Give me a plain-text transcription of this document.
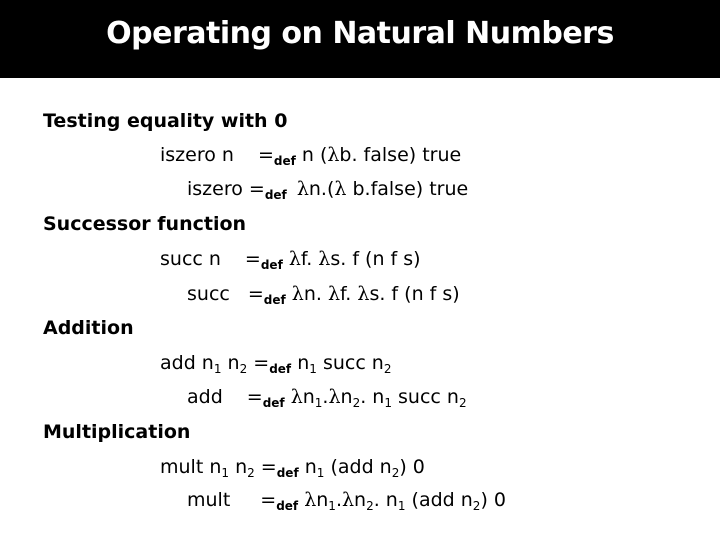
Operating on Natural Numbers
Testing equality with 0
iszero $n =_{def}$ n (λb. false) true
iszero $=_{def}$ λn.(λ b.false) true
Successor function
succ $n =_{def}$ λf. λs. f (n f s)
succ $=_{def}$ λn. λf. λs. f (n f s)
Addition
add $n_1$ $n_2 =_{def}$ $n_1$ succ $n_2$
add $=_{def}$ $\lambda n_1.\lambda n_2$. $n_1$ succ $n_2$
Multiplication
mult $n_1$ $n_2 =_{def}$ $n_1$ (add $n_2$) 0
mult $=_{def}$ $\lambda n_1.\lambda n_2$. $n_1$ (add $n_2$) 0
